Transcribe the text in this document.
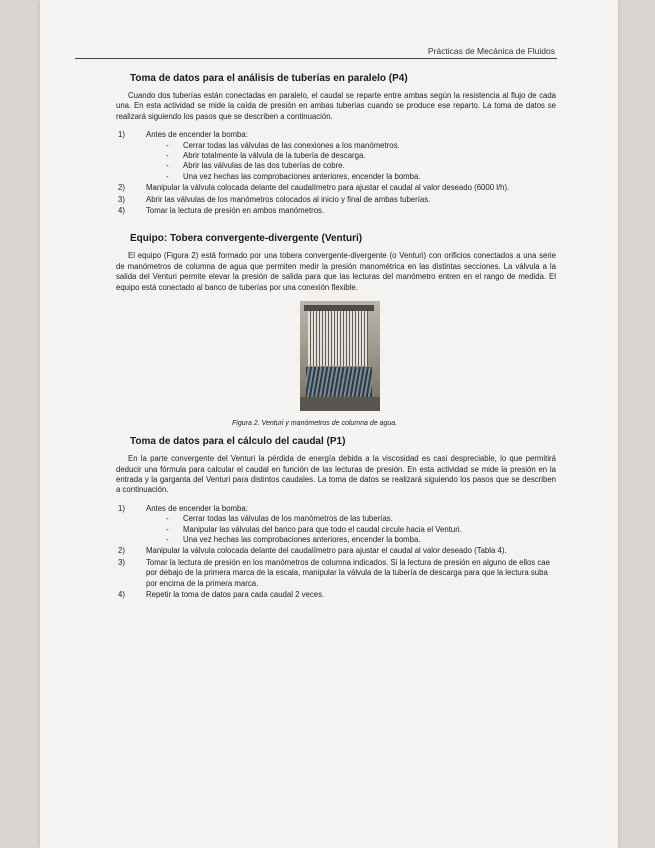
Prácticas de Mecánica de Fluidos
Toma de datos para el análisis de tuberías en paralelo (P4)

Cuando dos tuberías están conectadas en paralelo, el caudal se reparte entre ambas según la resistencia al flujo de cada una. En esta actividad se mide la caída de presión en ambas tuberías cuando se produce ese reparto. La toma de datos se realizará siguiendo los pasos que se describen a continuación.

1)	Antes de encender la bomba:
- Cerrar todas las válvulas de las conexiones a los manómetros.
- Abrir totalmente la válvula de la tubería de descarga.
- Abrir las válvulas de las dos tuberías de cobre.
- Una vez hechas las comprobaciones anteriores, encender la bomba.
2)	Manipular la válvula colocada delante del caudalímetro para ajustar el caudal al valor deseado (6000 l/h).
3)	Abrir las válvulas de los manómetros colocados al inicio y final de ambas tuberías.
4)	Tomar la lectura de presión en ambos manómetros.
Equipo: Tobera convergente-divergente (Venturi)

El equipo (Figura 2) está formado por una tobera convergente-divergente (o Venturi) con orificios conectados a una serie de manómetros de columna de agua que permiten medir la presión manométrica en las distintas secciones. La válvula a la salida del Venturi permite elevar la presión de salida para que las lecturas del manómetro entren en el rango de medida. El equipo está conectado al banco de tuberías por una conexión flexible.

Figura 2. Venturi y manómetros de columna de agua.
Toma de datos para el cálculo del caudal (P1)

En la parte convergente del Venturi la pérdida de energía debida a la viscosidad es casi despreciable, lo que permitirá deducir una fórmula para calcular el caudal en función de las lecturas de presión. En esta actividad se mide la presión en la entrada y la garganta del Venturi para distintos caudales. La toma de datos se realizará siguiendo los pasos que se describen a continuación.

1)	Antes de encender la bomba:
- Cerrar todas las válvulas de los manómetros de las tuberías.
- Manipular las válvulas del banco para que todo el caudal circule hacia el Venturi.
- Una vez hechas las comprobaciones anteriores, encender la bomba.
2)	Manipular la válvula colocada delante del caudalímetro para ajustar el caudal al valor deseado (Tabla 4).
3)	Tomar la lectura de presión en los manómetros de columna indicados. Si la lectura de presión en alguno de ellos cae por debajo de la primera marca de la escala, manipular la válvula de la tubería de descarga para que la lectura suba por encima de la primera marca.
4)	Repetir la toma de datos para cada caudal 2 veces.
